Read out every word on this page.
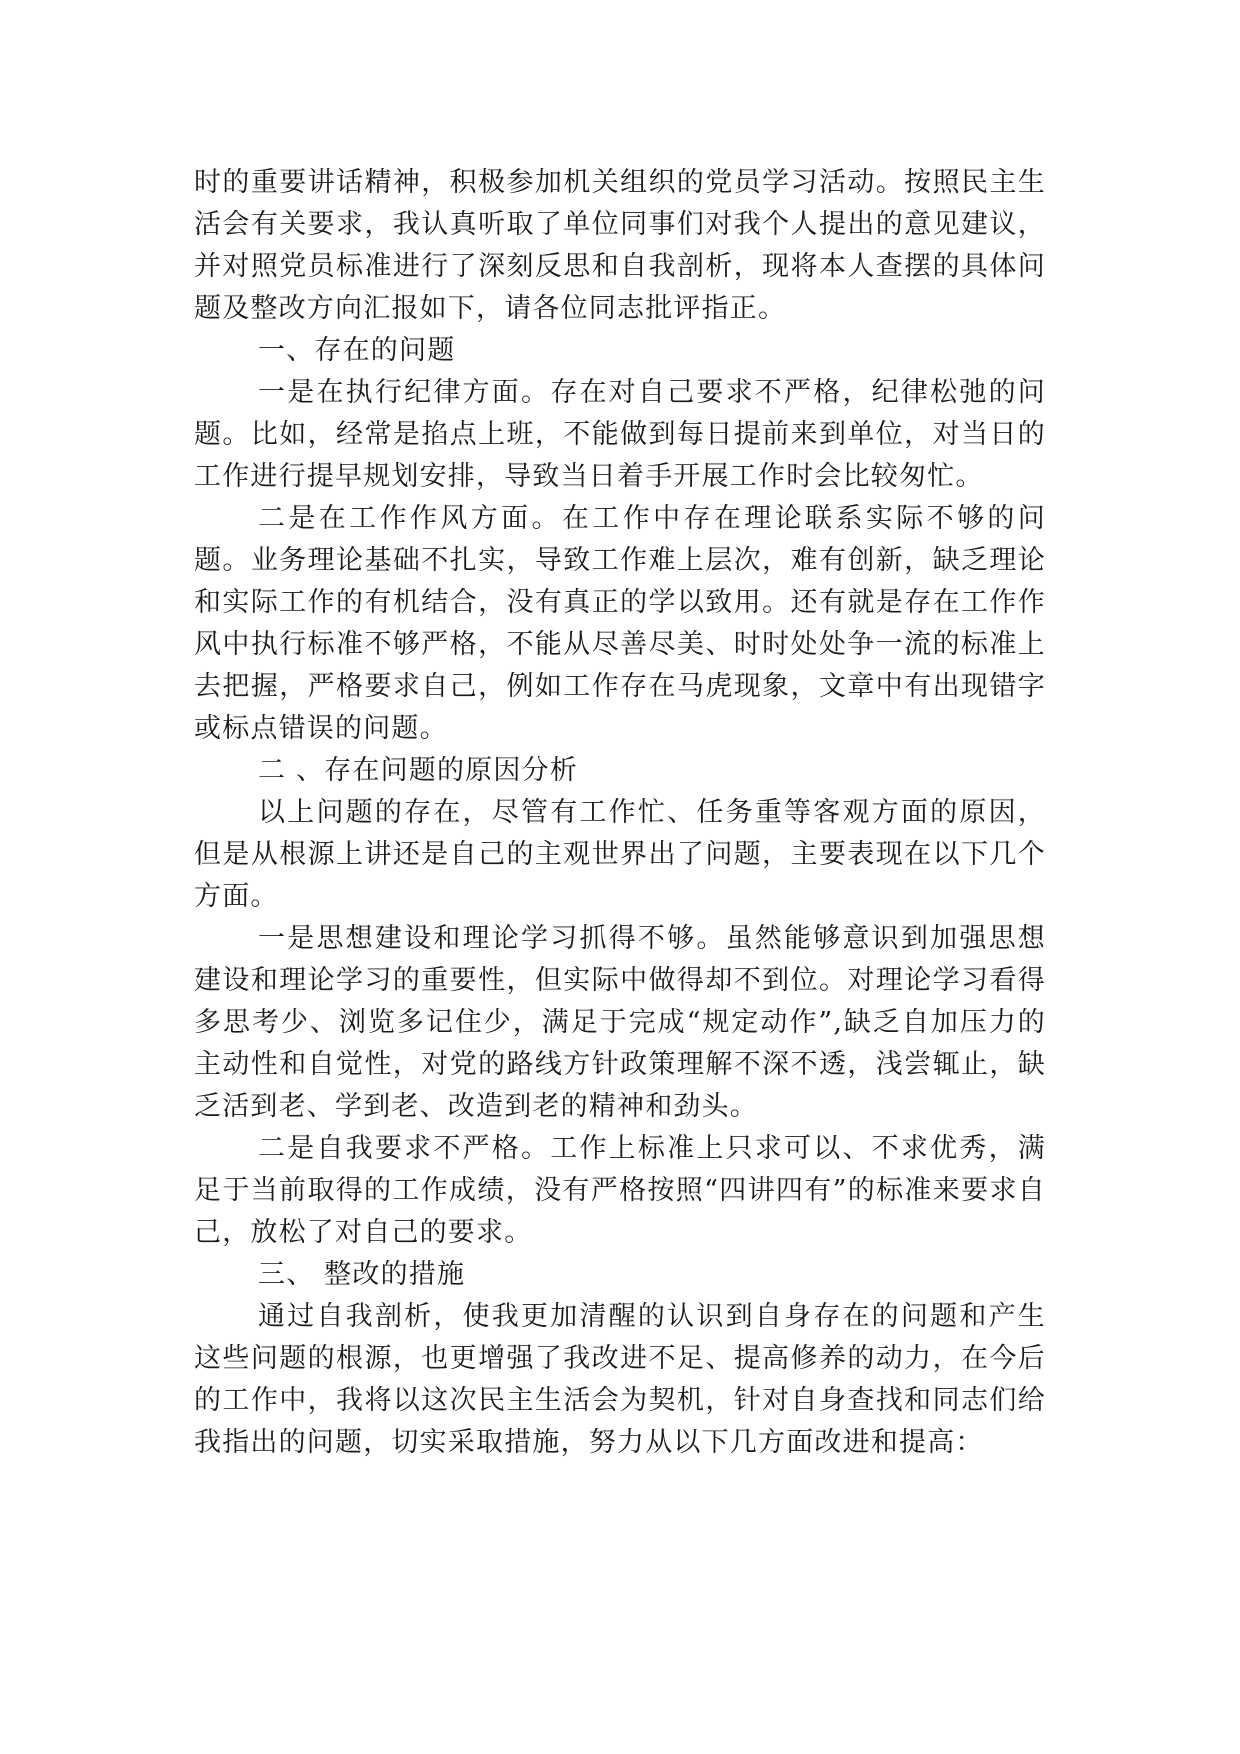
时的重要讲话精神，积极参加机关组织的党员学习活动。按照民主生活会有关要求，我认真听取了单位同事们对我个人提出的意见建议，并对照党员标准进行了深刻反思和自我剖析，现将本人查摆的具体问题及整改方向汇报如下，请各位同志批评指正。

一、存在的问题

一是在执行纪律方面。存在对自己要求不严格，纪律松弛的问题。比如，经常是掐点上班，不能做到每日提前来到单位，对当日的工作进行提早规划安排，导致当日着手开展工作时会比较匆忙。

二是在工作作风方面。在工作中存在理论联系实际不够的问题。业务理论基础不扎实，导致工作难上层次，难有创新，缺乏理论和实际工作的有机结合，没有真正的学以致用。还有就是存在工作作风中执行标准不够严格，不能从尽善尽美、时时处处争一流的标准上去把握，严格要求自己，例如工作存在马虎现象，文章中有出现错字或标点错误的问题。

二 、存在问题的原因分析

以上问题的存在，尽管有工作忙、任务重等客观方面的原因，但是从根源上讲还是自己的主观世界出了问题，主要表现在以下几个方面。

一是思想建设和理论学习抓得不够。虽然能够意识到加强思想建设和理论学习的重要性，但实际中做得却不到位。对理论学习看得多思考少、浏览多记住少，满足于完成“规定动作”,缺乏自加压力的主动性和自觉性，对党的路线方针政策理解不深不透，浅尝辄止，缺乏活到老、学到老、改造到老的精神和劲头。

二是自我要求不严格。工作上标准上只求可以、不求优秀，满足于当前取得的工作成绩，没有严格按照“四讲四有”的标准来要求自己，放松了对自己的要求。

三、 整改的措施

通过自我剖析，使我更加清醒的认识到自身存在的问题和产生这些问题的根源，也更增强了我改进不足、提高修养的动力，在今后的工作中，我将以这次民主生活会为契机，针对自身查找和同志们给我指出的问题，切实采取措施，努力从以下几方面改进和提高：
